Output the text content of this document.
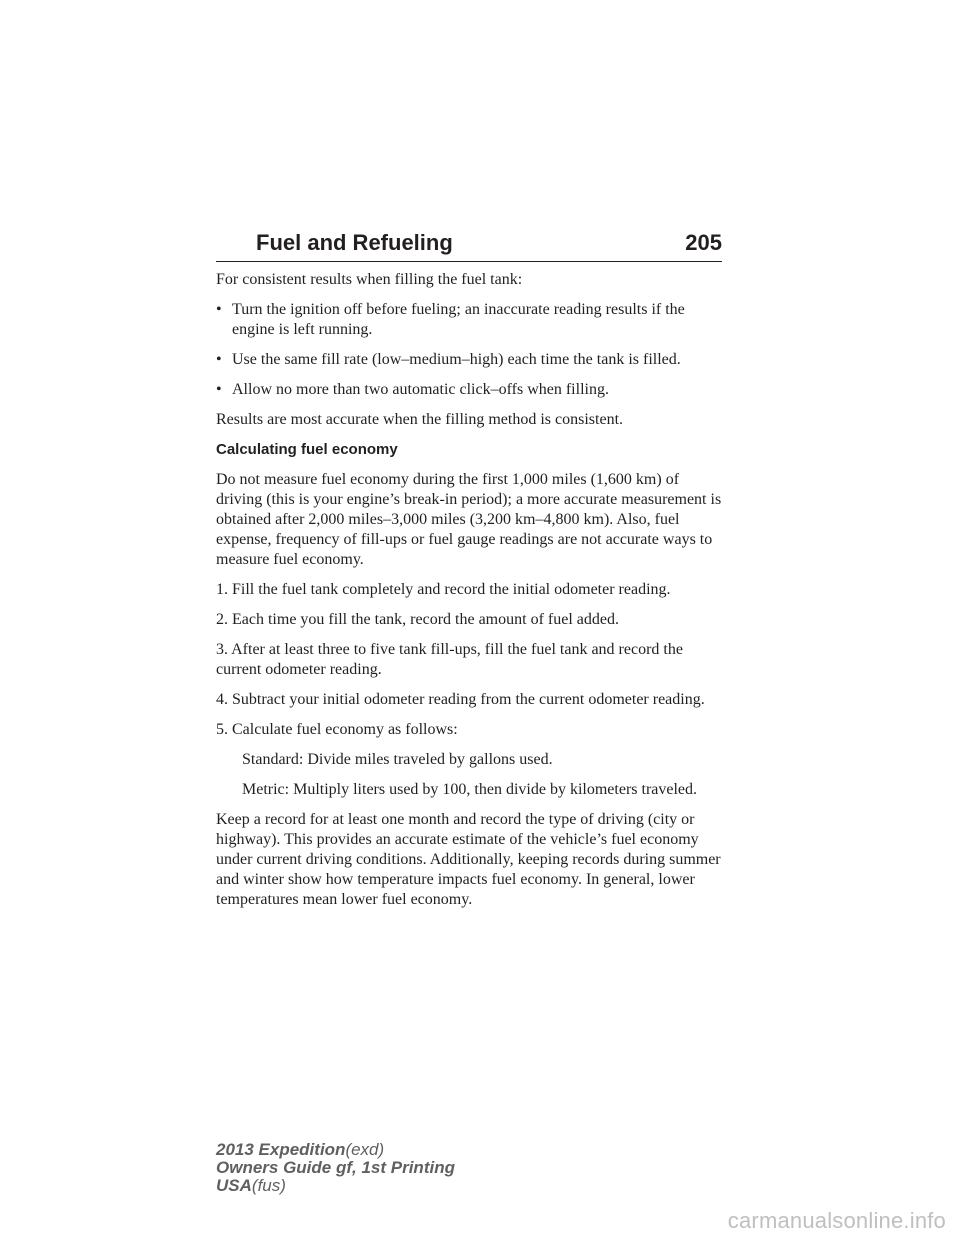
Fuel and Refueling	205

For consistent results when filling the fuel tank:

• Turn the ignition off before fueling; an inaccurate reading results if the engine is left running.
• Use the same fill rate (low–medium–high) each time the tank is filled.
• Allow no more than two automatic click–offs when filling.

Results are most accurate when the filling method is consistent.

Calculating fuel economy

Do not measure fuel economy during the first 1,000 miles (1,600 km) of driving (this is your engine’s break-in period); a more accurate measurement is obtained after 2,000 miles–3,000 miles (3,200 km–4,800 km). Also, fuel expense, frequency of fill-ups or fuel gauge readings are not accurate ways to measure fuel economy.

1. Fill the fuel tank completely and record the initial odometer reading.

2. Each time you fill the tank, record the amount of fuel added.

3. After at least three to five tank fill-ups, fill the fuel tank and record the current odometer reading.

4. Subtract your initial odometer reading from the current odometer reading.

5. Calculate fuel economy as follows:

Standard: Divide miles traveled by gallons used.

Metric: Multiply liters used by 100, then divide by kilometers traveled.

Keep a record for at least one month and record the type of driving (city or highway). This provides an accurate estimate of the vehicle’s fuel economy under current driving conditions. Additionally, keeping records during summer and winter show how temperature impacts fuel economy. In general, lower temperatures mean lower fuel economy.

2013 Expedition(exd)
Owners Guide gf, 1st Printing
USA(fus)
carmanualsonline.info
